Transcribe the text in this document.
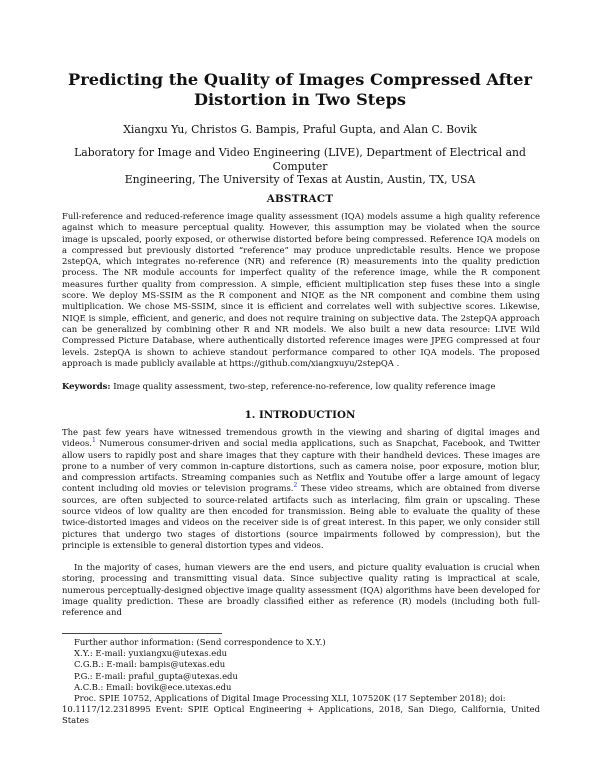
Predicting the Quality of Images Compressed After
Distortion in Two Steps
Xiangxu Yu, Christos G. Bampis, Praful Gupta, and Alan C. Bovik
Laboratory for Image and Video Engineering (LIVE), Department of Electrical and Computer
Engineering, The University of Texas at Austin, Austin, TX, USA
ABSTRACT
Full-reference and reduced-reference image quality assessment (IQA) models assume a high quality reference against which to measure perceptual quality. However, this assumption may be violated when the source image is upscaled, poorly exposed, or otherwise distorted before being compressed. Reference IQA models on a compressed but previously distorted “reference” may produce unpredictable results. Hence we propose 2stepQA, which integrates no-reference (NR) and reference (R) measurements into the quality prediction process. The NR module accounts for imperfect quality of the reference image, while the R component measures further quality from compression. A simple, efficient multiplication step fuses these into a single score. We deploy MS-SSIM as the R component and NIQE as the NR component and combine them using multiplication. We chose MS-SSIM, since it is efficient and correlates well with subjective scores. Likewise, NIQE is simple, efficient, and generic, and does not require training on subjective data. The 2stepQA approach can be generalized by combining other R and NR models. We also built a new data resource: LIVE Wild Compressed Picture Database, where authentically distorted reference images were JPEG compressed at four levels. 2stepQA is shown to achieve standout performance compared to other IQA models. The proposed approach is made publicly available at https://github.com/xiangxuyu/2stepQA .
Keywords: Image quality assessment, two-step, reference-no-reference, low quality reference image
1. INTRODUCTION
The past few years have witnessed tremendous growth in the viewing and sharing of digital images and videos.$^1$ Numerous consumer-driven and social media applications, such as Snapchat, Facebook, and Twitter allow users to rapidly post and share images that they capture with their handheld devices. These images are prone to a number of very common in-capture distortions, such as camera noise, poor exposure, motion blur, and compression artifacts. Streaming companies such as Netflix and Youtube offer a large amount of legacy content including old movies or television programs.$^2$ These video streams, which are obtained from diverse sources, are often subjected to source-related artifacts such as interlacing, film grain or upscaling. These source videos of low quality are then encoded for transmission. Being able to evaluate the quality of these twice-distorted images and videos on the receiver side is of great interest. In this paper, we only consider still pictures that undergo two stages of distortions (source impairments followed by compression), but the principle is extensible to general distortion types and videos.
In the majority of cases, human viewers are the end users, and picture quality evaluation is crucial when storing, processing and transmitting visual data. Since subjective quality rating is impractical at scale, numerous perceptually-designed objective image quality assessment (IQA) algorithms have been developed for image quality prediction. These are broadly classified either as reference (R) models (including both full-reference and
Further author information: (Send correspondence to X.Y.)
X.Y.: E-mail: yuxiangxu@utexas.edu
C.G.B.: E-mail: bampis@utexas.edu
P.G.: E-mail: praful_gupta@utexas.edu
A.C.B.: Email: bovik@ece.utexas.edu
Proc. SPIE 10752, Applications of Digital Image Processing XLI, 107520K (17 September 2018); doi:
10.1117/12.2318995 Event: SPIE Optical Engineering + Applications, 2018, San Diego, California, United States
